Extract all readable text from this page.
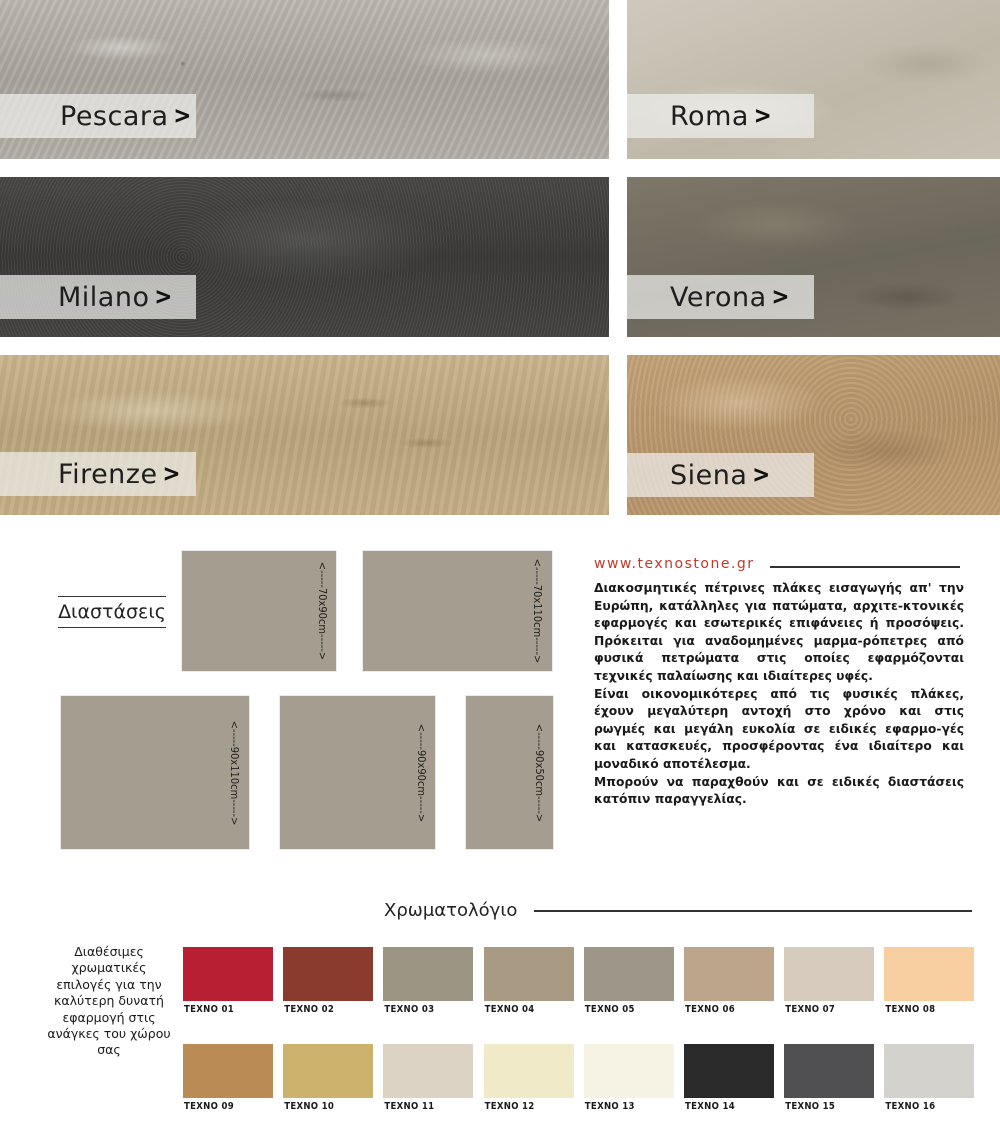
Pescara >	Roma >
Milano >	Verona >
Firenze >	Siena >
Διαστάσεις	<-----70x90cm----->	<-----70x110cm----->
<-----90x110cm----->	<-----90x90cm----->	<-----90x50cm----->
www.texnostone.gr

Διακοσμητικές πέτρινες πλάκες εισαγωγής απ' την Ευρώπη, κατάλληλες για πατώματα, αρχιτε-κτονικές εφαρμογές και εσωτερικές επιφάνειες ή προσόψεις. Πρόκειται για αναδομημένες μαρμα-ρόπετρες από φυσικά πετρώματα στις οποίες εφαρμόζονται τεχνικές παλαίωσης και ιδιαίτερες υφές.

Είναι οικονομικότερες από τις φυσικές πλάκες, έχουν μεγαλύτερη αντοχή στο χρόνο και στις ρωγμές και μεγάλη ευκολία σε ειδικές εφαρμο-γές και κατασκευές, προσφέροντας ένα ιδιαίτερο και μοναδικό αποτέλεσμα.

Μπορούν να παραχθούν και σε ειδικές διαστάσεις κατόπιν παραγγελίας.

Χρωματολόγιο
Διαθέσιμες χρωματικές επιλογές για την καλύτερη δυνατή εφαρμογή στις ανάγκες του χώρου σας
TEXNO 01	TEXNO 02	TEXNO 03	TEXNO 04	TEXNO 05	TEXNO 06	TEXNO 07	TEXNO 08
TEXNO 09	TEXNO 10	TEXNO 11	TEXNO 12	TEXNO 13	TEXNO 14	TEXNO 15	TEXNO 16
